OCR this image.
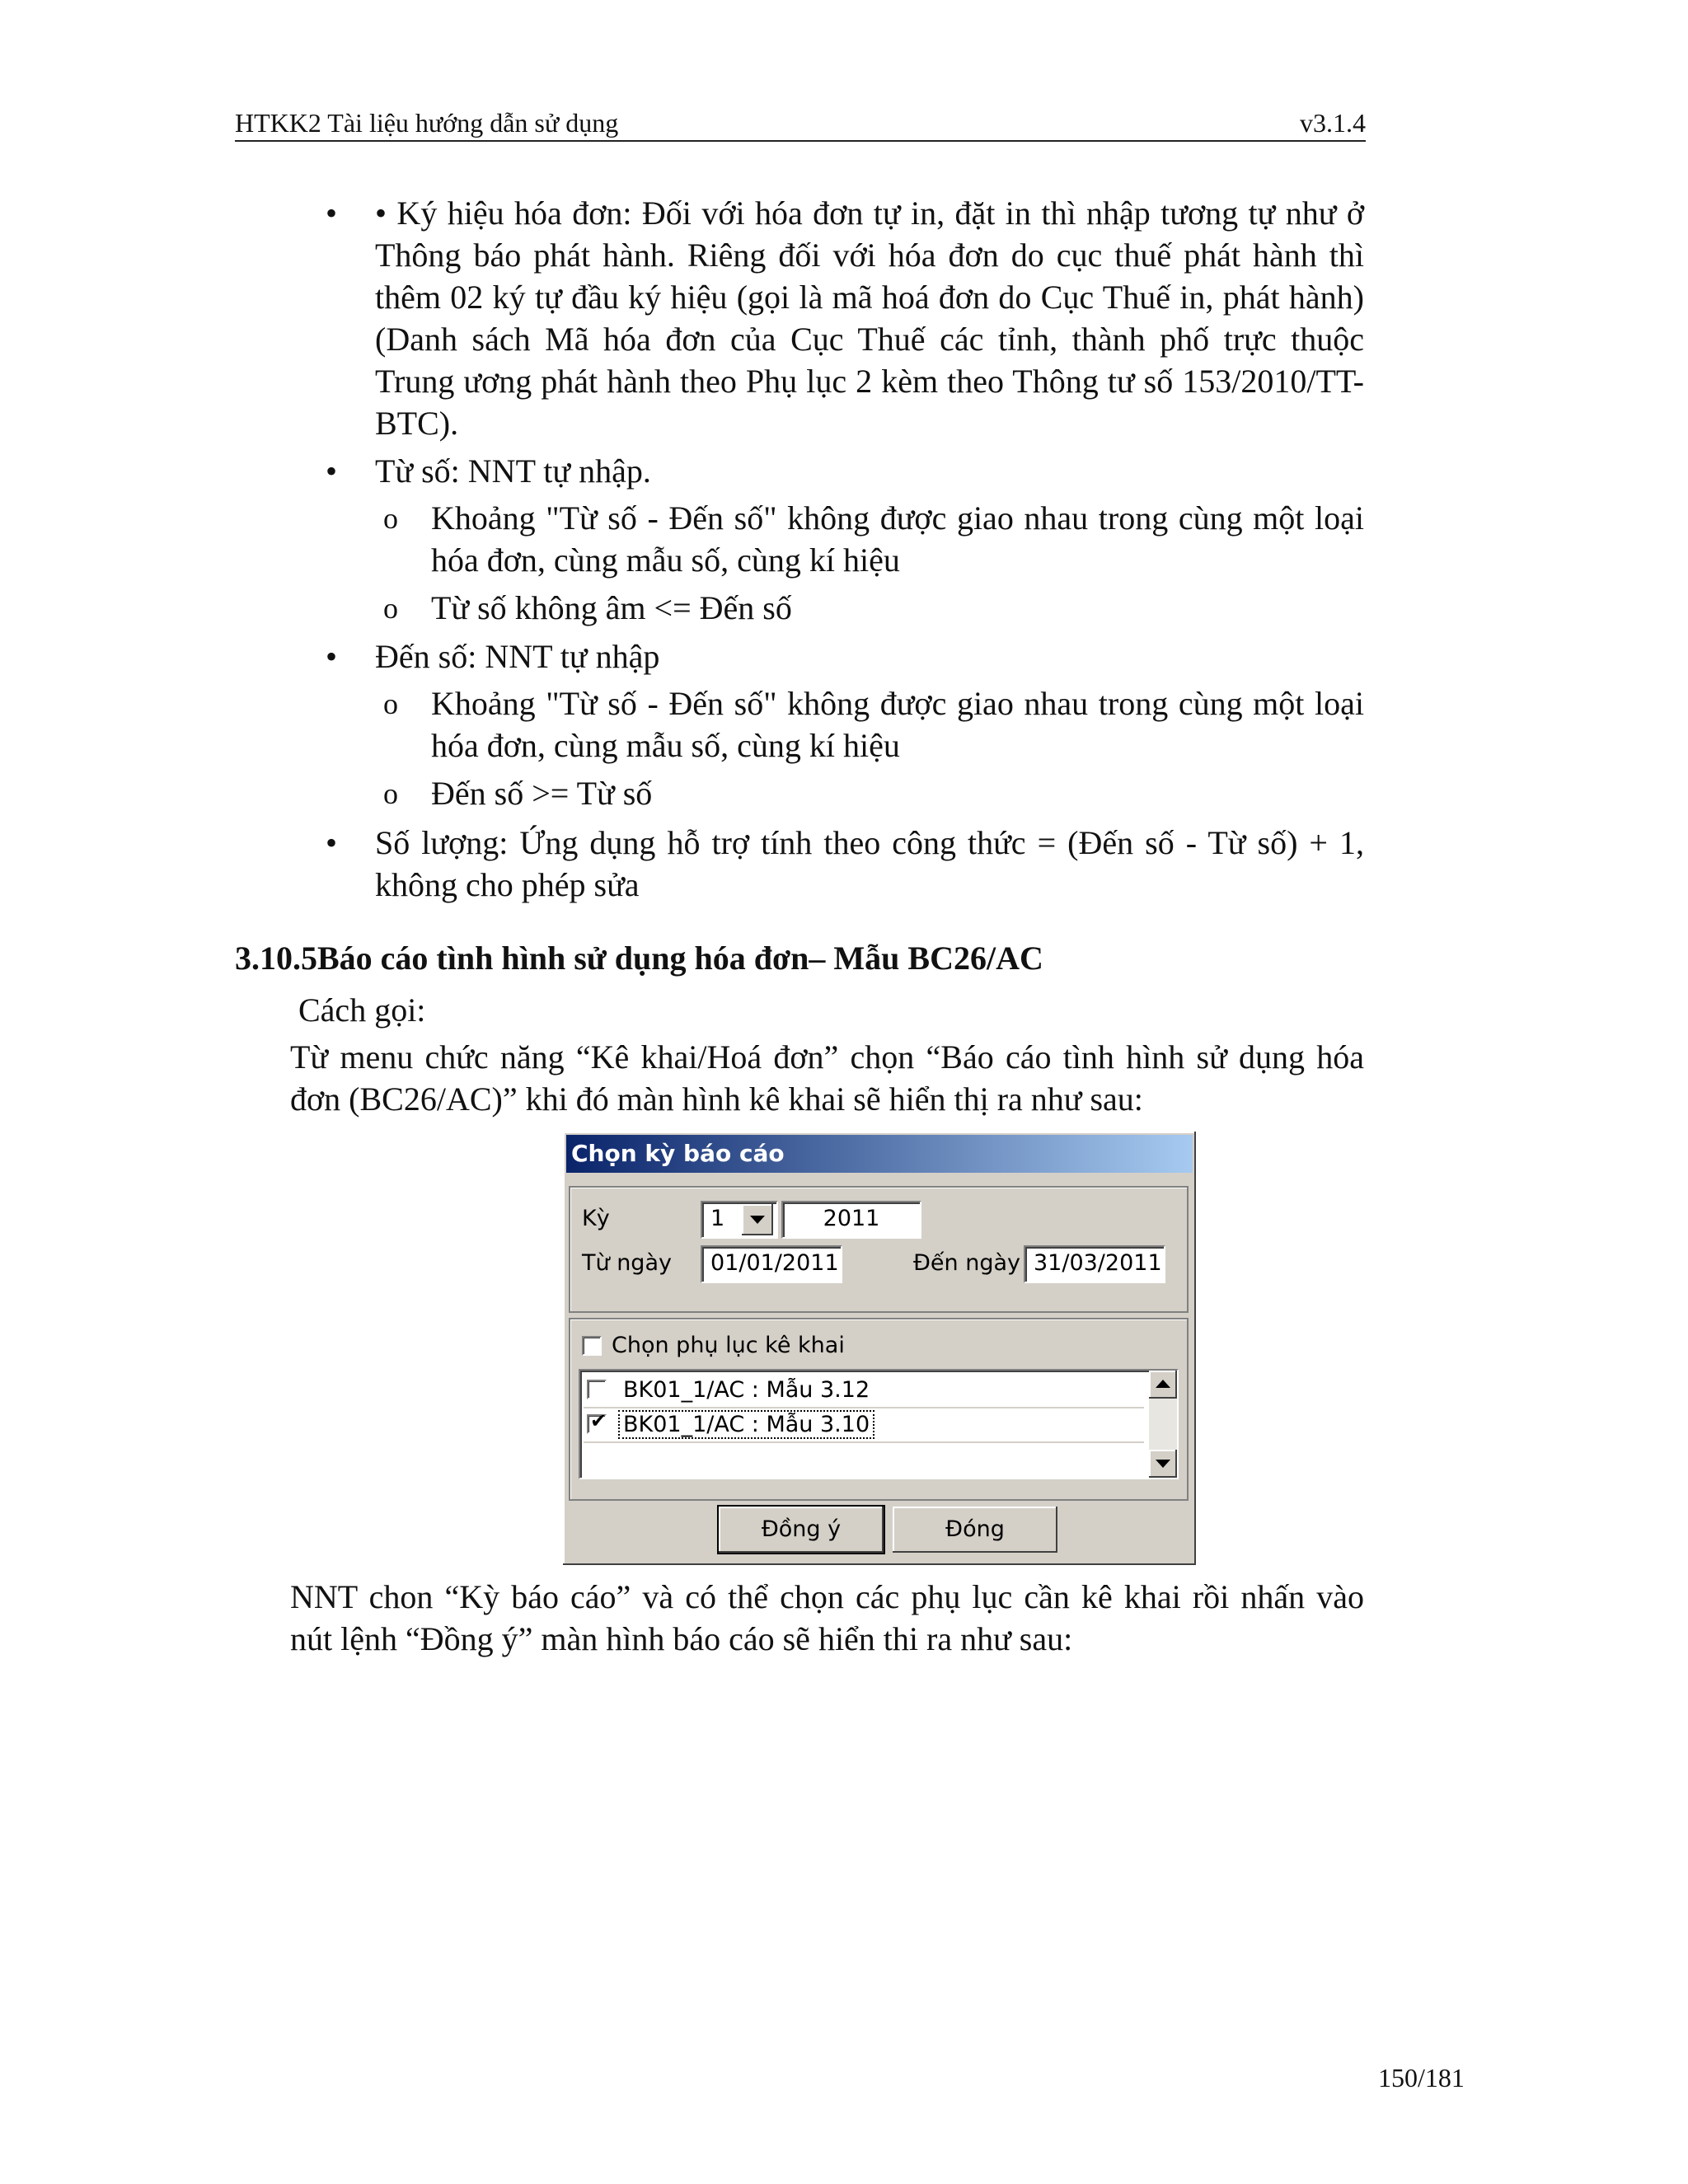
HTKK2 Tài liệu hướng dẫn sử dụng	v3.1.4
• • Ký hiệu hóa đơn: Đối với hóa đơn tự in, đặt in thì nhập tương tự như ở
Thông báo phát hành. Riêng đối với hóa đơn do cục thuế phát hành thì
thêm 02 ký tự đầu ký hiệu (gọi là mã hoá đơn do Cục Thuế in, phát hành)
(Danh sách Mã hóa đơn của Cục Thuế các tỉnh, thành phố trực thuộc
Trung ương phát hành theo Phụ lục 2 kèm theo Thông tư số 153/2010/TT-
BTC).
• Từ số: NNT tự nhập.
o Khoảng "Từ số - Đến số" không được giao nhau trong cùng một loại
hóa đơn, cùng mẫu số, cùng kí hiệu
o Từ số không âm <= Đến số
• Đến số: NNT tự nhập
o Khoảng "Từ số - Đến số" không được giao nhau trong cùng một loại
hóa đơn, cùng mẫu số, cùng kí hiệu
o Đến số >= Từ số
• Số lượng: Ứng dụng hỗ trợ tính theo công thức = (Đến số - Từ số) + 1,
không cho phép sửa
3.10.5Báo cáo tình hình sử dụng hóa đơn– Mẫu BC26/AC
Cách gọi:
Từ menu chức năng “Kê khai/Hoá đơn” chọn “Báo cáo tình hình sử dụng hóa
đơn (BC26/AC)” khi đó màn hình kê khai sẽ hiển thị ra như sau:
Chọn kỳ báo cáo
Kỳ	1	2011
Từ ngày	01/01/2011	Đến ngày 31/03/2011
Chọn phụ lục kê khai
BK01_1/AC : Mẫu 3.12
✔ BK01_1/AC : Mẫu 3.10
Đồng ý	Đóng
NNT chon “Kỳ báo cáo” và có thể chọn các phụ lục cần kê khai rồi nhấn vào
nút lệnh “Đồng ý” màn hình báo cáo sẽ hiển thi ra như sau:
150/181
